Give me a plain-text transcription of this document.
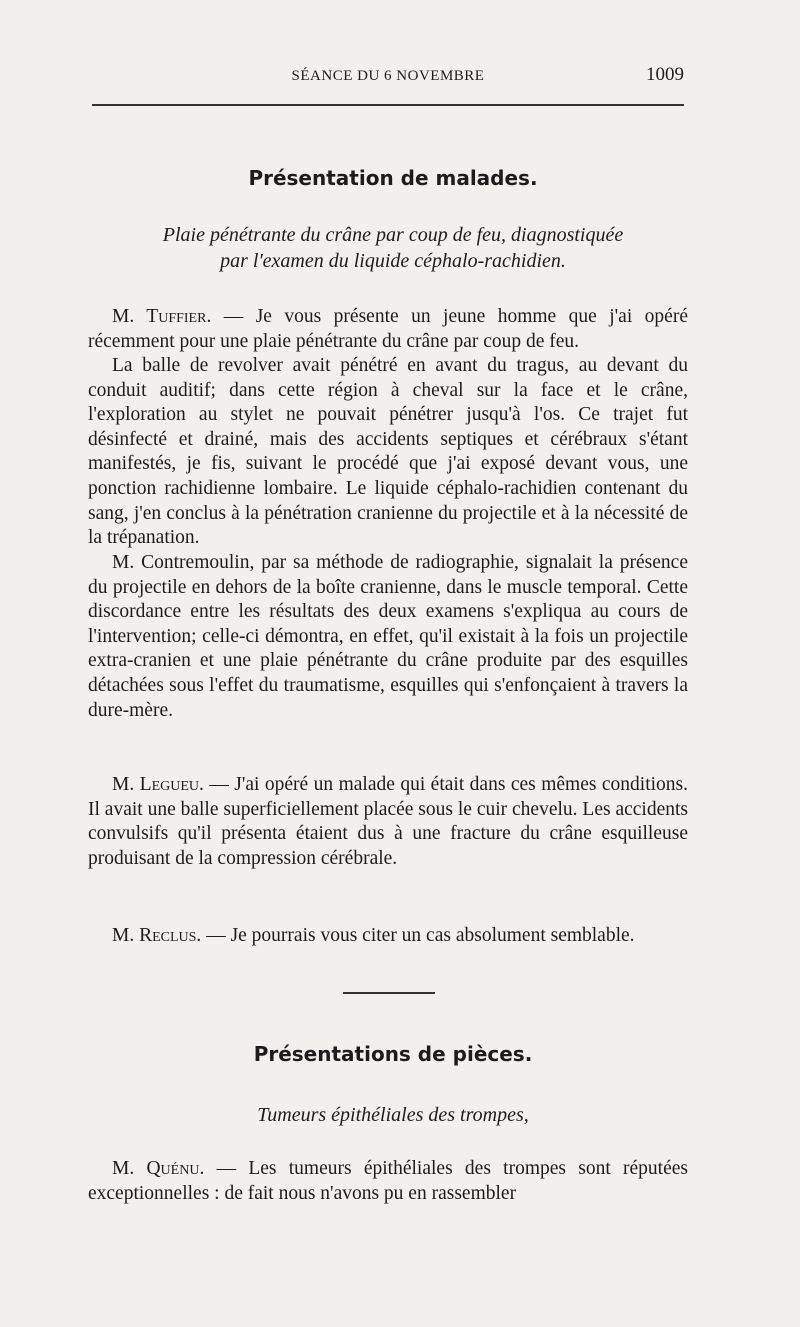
SÉANCE DU 6 NOVEMBRE	1009
Présentation de malades.
Plaie pénétrante du crâne par coup de feu, diagnostiquée
par l'examen du liquide céphalo-rachidien.

M. Tuffier. — Je vous présente un jeune homme que j'ai opéré récemment pour une plaie pénétrante du crâne par coup de feu.

La balle de revolver avait pénétré en avant du tragus, au devant du conduit auditif; dans cette région à cheval sur la face et le crâne, l'exploration au stylet ne pouvait pénétrer jusqu'à l'os. Ce trajet fut désinfecté et drainé, mais des accidents septiques et cérébraux s'étant manifestés, je fis, suivant le procédé que j'ai exposé devant vous, une ponction rachidienne lombaire. Le liquide céphalo-rachidien contenant du sang, j'en conclus à la pénétration cranienne du projectile et à la nécessité de la trépanation.

M. Contremoulin, par sa méthode de radiographie, signalait la présence du projectile en dehors de la boîte cranienne, dans le muscle temporal. Cette discordance entre les résultats des deux examens s'expliqua au cours de l'intervention; celle-ci démontra, en effet, qu'il existait à la fois un projectile extra-cranien et une plaie pénétrante du crâne produite par des esquilles détachées sous l'effet du traumatisme, esquilles qui s'enfonçaient à travers la dure-mère.

M. Legueu. — J'ai opéré un malade qui était dans ces mêmes conditions. Il avait une balle superficiellement placée sous le cuir chevelu. Les accidents convulsifs qu'il présenta étaient dus à une fracture du crâne esquilleuse produisant de la compression cérébrale.

M. Reclus. — Je pourrais vous citer un cas absolument semblable.

Présentations de pièces.
Tumeurs épithéliales des trompes,

M. Quénu. — Les tumeurs épithéliales des trompes sont réputées exceptionnelles : de fait nous n'avons pu en rassembler
